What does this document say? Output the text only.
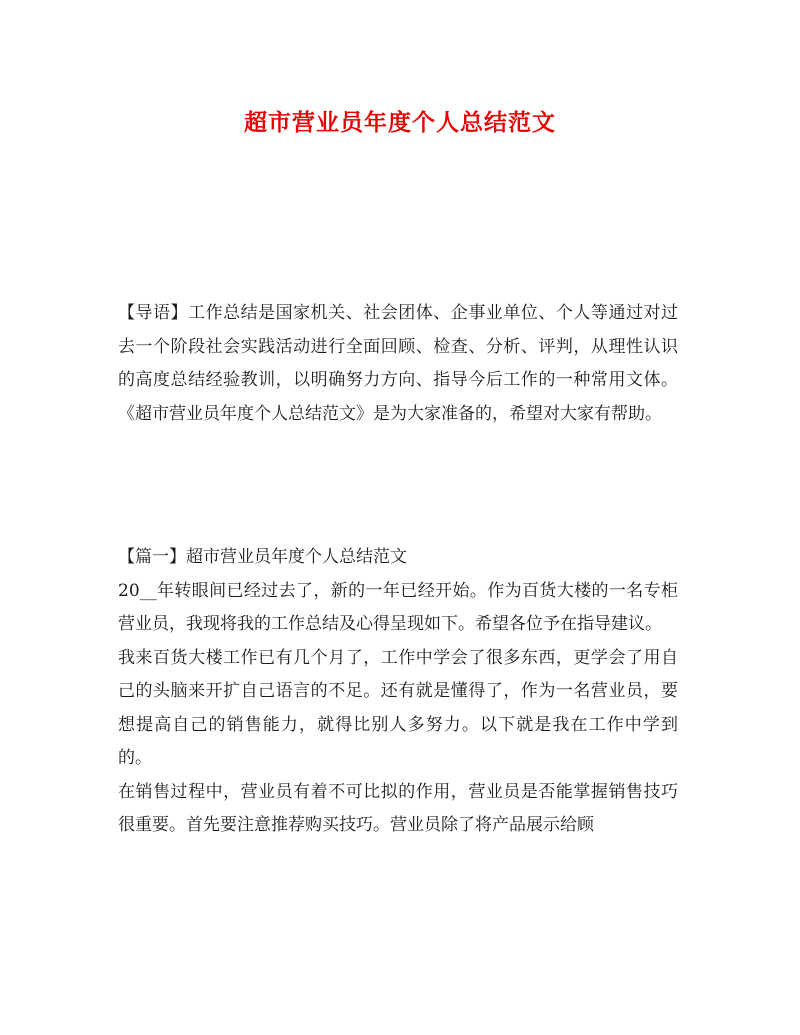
超市营业员年度个人总结范文

【导语】工作总结是国家机关、社会团体、企事业单位、个人等通过对过去一个阶段社会实践活动进行全面回顾、检查、分析、评判，从理性认识的高度总结经验教训，以明确努力方向、指导今后工作的一种常用文体。《超市营业员年度个人总结范文》是为大家准备的，希望对大家有帮助。

【篇一】超市营业员年度个人总结范文

20__年转眼间已经过去了，新的一年已经开始。作为百货大楼的一名专柜营业员，我现将我的工作总结及心得呈现如下。希望各位予在指导建议。

我来百货大楼工作已有几个月了，工作中学会了很多东西，更学会了用自己的头脑来开扩自己语言的不足。还有就是懂得了，作为一名营业员，要想提高自己的销售能力，就得比别人多努力。以下就是我在工作中学到的。

在销售过程中，营业员有着不可比拟的作用，营业员是否能掌握销售技巧很重要。首先要注意推荐购买技巧。营业员除了将产品展示给顾
